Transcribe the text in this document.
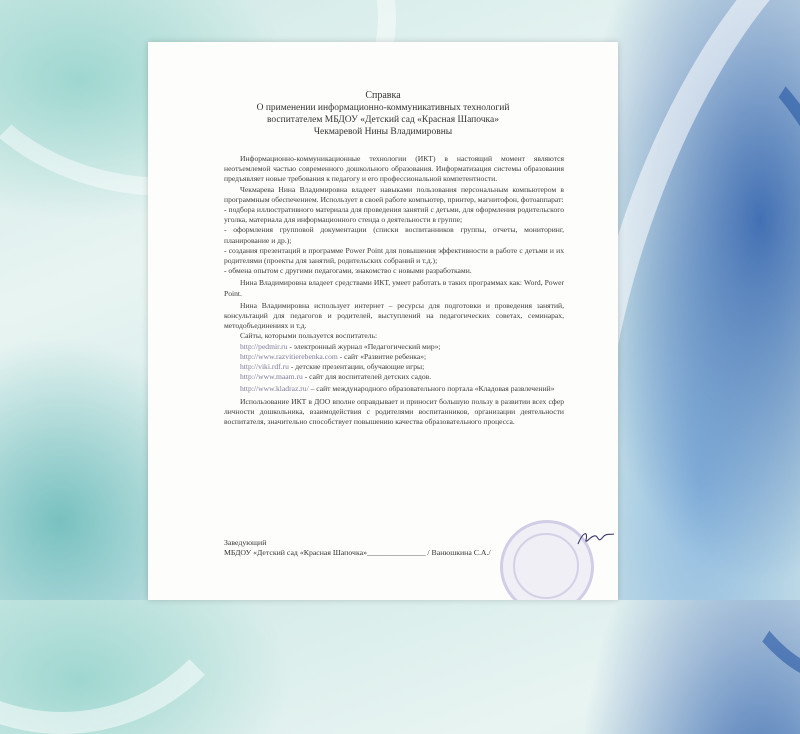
Справка
О применении информационно-коммуникативных технологий
воспитателем МБДОУ «Детский сад «Красная Шапочка»
Чекмаревой Нины Владимировны

Информационно-коммуникационные технологии (ИКТ) в настоящий момент являются неотъемлемой частью современного дошкольного образования. Информатизация системы образования предъявляет новые требования к педагогу и его профессиональной компетентности.

Чекмарева Нина Владимировна владеет навыками пользования персональным компьютером в программным обеспечением. Использует в своей работе компьютер, принтер, магнитофон, фотоаппарат:

- подбора иллюстративного материала для проведения занятий с детьми, для оформления родительского уголка, материала для информационного стенда о деятельности в группе;

- оформления групповой документации (списки воспитанников группы, отчеты, мониторинг, планирование и др.);

- создания презентаций в программе Power Point для повышения эффективности в работе с детьми и их родителями (проекты для занятий, родительских собраний и т.д.);

- обмена опытом с другими педагогами, знакомство с новыми разработками.

Нина Владимировна владеет средствами ИКТ, умеет работать в таких программах как: Word, Power Point.

Нина Владимировна использует интернет – ресурсы для подготовки и проведения занятий, консультаций для педагогов и родителей, выступлений на педагогических советах, семинарах, методобъединениях и т.д.

Сайты, которыми пользуется воспитатель:

http://pedmir.ru - электронный журнал «Педагогический мир»;

http://www.razvitierebenka.com - сайт «Развитие ребенка»;

http://viki.rdf.ru - детские презентации, обучающие игры;

http://www.maam.ru - сайт для воспитателей детских садов.

http://www.kladraz.ru/ – сайт международного образовательного портала «Кладовая развлечений»

Использование ИКТ в ДОО вполне оправдывает и приносит большую пользу в развитии всех сфер личности дошкольника, взаимодействия с родителями воспитанников, организации деятельности воспитателя, значительно способствует повышению качества образовательного процесса.

Заведующий
МБДОУ «Детский сад «Красная Шапочка»_______________ / Ванюшкина С.А./
